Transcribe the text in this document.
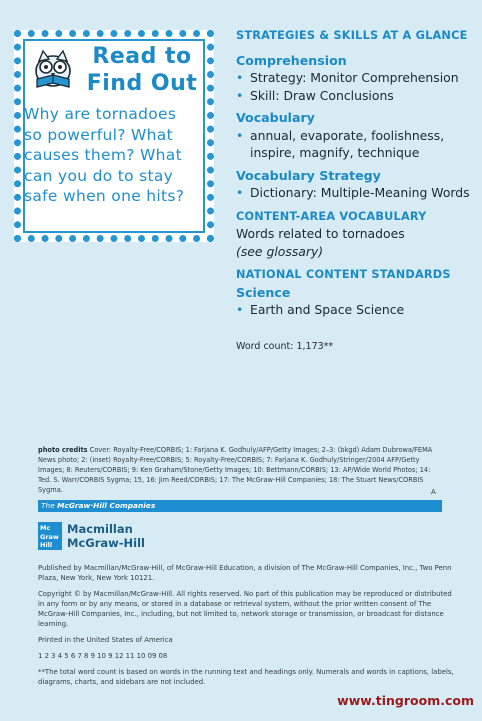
Read to
Find Out
Why are tornadoes so powerful? What causes them? What can you do to stay safe when one hits?

STRATEGIES & SKILLS AT A GLANCE

Comprehension

• Strategy: Monitor Comprehension
• Skill: Draw Conclusions

Vocabulary

• annual, evaporate, foolishness, inspire, magnify, technique

Vocabulary Strategy

• Dictionary: Multiple-Meaning Words

CONTENT-AREA VOCABULARY

Words related to tornadoes
(see glossary)

NATIONAL CONTENT STANDARDS

Science

• Earth and Space Science
Word count: 1,173**
photo credits Cover: Royalty-Free/CORBIS; 1: Farjana K. Godhuly/AFP/Getty Images; 2–3: (bkgd) Adam Dubrowa/FEMA News photo; 2: (inset) Royalty-Free/CORBIS; 5: Royalty-Free/CORBIS; 7: Farjana K. Godhuly/Stringer/2004 AFP/Getty Images; 8: Reuters/CORBIS; 9: Ken Graham/Stone/Getty Images; 10: Bettmann/CORBIS; 13: AP/Wide World Photos; 14: Ted. S. Warr/CORBIS Sygma; 15, 16: Jim Reed/CORBIS; 17: The McGraw-Hill Companies; 18: The Stuart News/CORBIS Sygma.	A
The McGraw·Hill Companies
Mc
Graw
Hill
Macmillan
McGraw-Hill

Published by Macmillan/McGraw-Hill, of McGraw-Hill Education, a division of The McGraw-Hill Companies, Inc., Two Penn Plaza, New York, New York 10121.

Copyright © by Macmillan/McGraw-Hill. All rights reserved. No part of this publication may be reproduced or distributed in any form or by any means, or stored in a database or retrieval system, without the prior written consent of The McGraw-Hill Companies, Inc., including, but not limited to, network storage or transmission, or broadcast for distance learning.

Printed in the United States of America

1 2 3 4 5 6 7 8 9 10 9 12 11 10 09 08

**The total word count is based on words in the running text and headings only. Numerals and words in captions, labels, diagrams, charts, and sidebars are not included.

www.tingroom.com
